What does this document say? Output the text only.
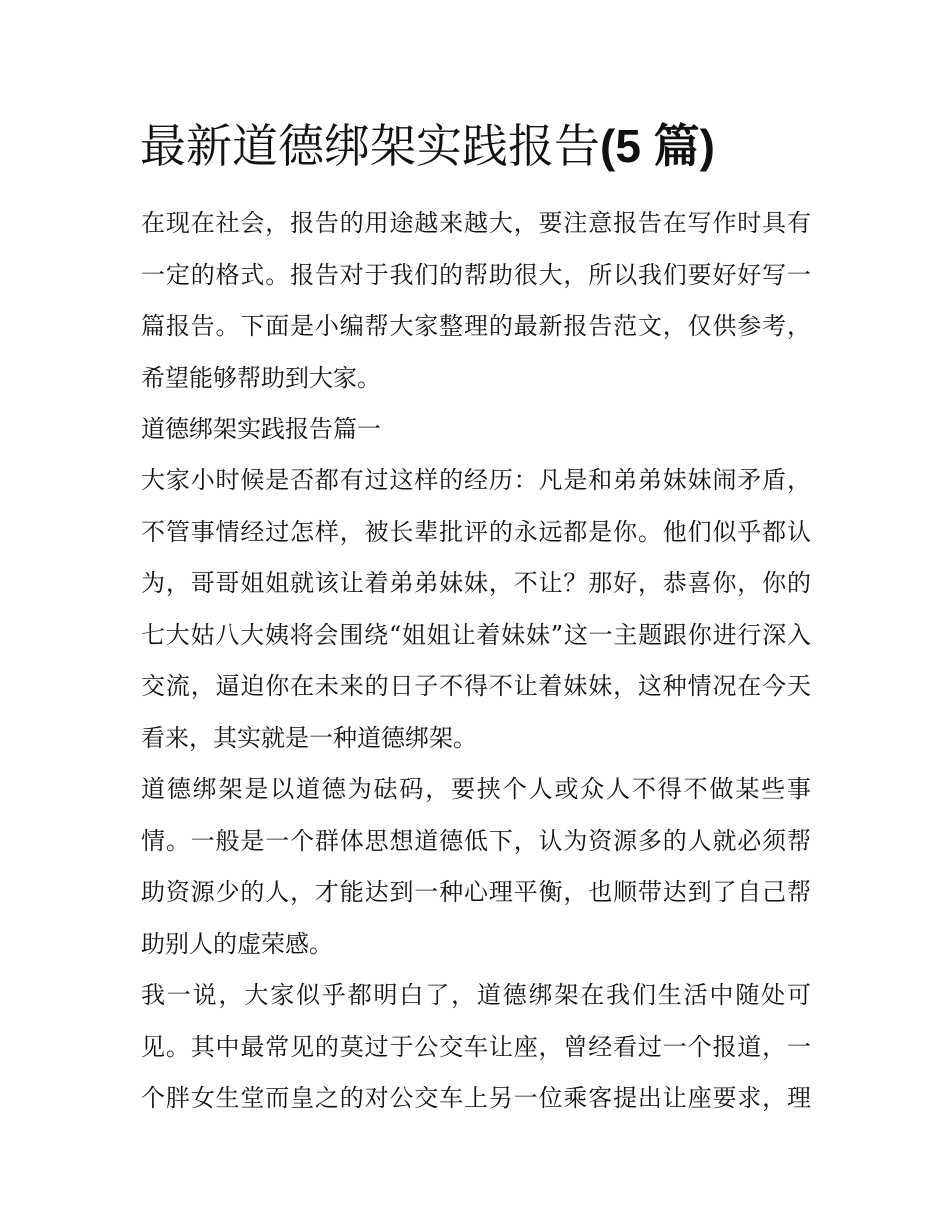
最新道德绑架实践报告(5 篇)
在现在社会，报告的用途越来越大，要注意报告在写作时具有
一定的格式。报告对于我们的帮助很大，所以我们要好好写一
篇报告。下面是小编帮大家整理的最新报告范文，仅供参考，
希望能够帮助到大家。
道德绑架实践报告篇一
大家小时候是否都有过这样的经历：凡是和弟弟妹妹闹矛盾，
不管事情经过怎样，被长辈批评的永远都是你。他们似乎都认
为，哥哥姐姐就该让着弟弟妹妹，不让？那好，恭喜你，你的
七大姑八大姨将会围绕“姐姐让着妹妹”这一主题跟你进行深入
交流，逼迫你在未来的日子不得不让着妹妹，这种情况在今天
看来，其实就是一种道德绑架。
道德绑架是以道德为砝码，要挟个人或众人不得不做某些事
情。一般是一个群体思想道德低下，认为资源多的人就必须帮
助资源少的人，才能达到一种心理平衡，也顺带达到了自己帮
助别人的虚荣感。
我一说，大家似乎都明白了，道德绑架在我们生活中随处可
见。其中最常见的莫过于公交车让座，曾经看过一个报道，一
个胖女生堂而皇之的对公交车上另一位乘客提出让座要求，理
